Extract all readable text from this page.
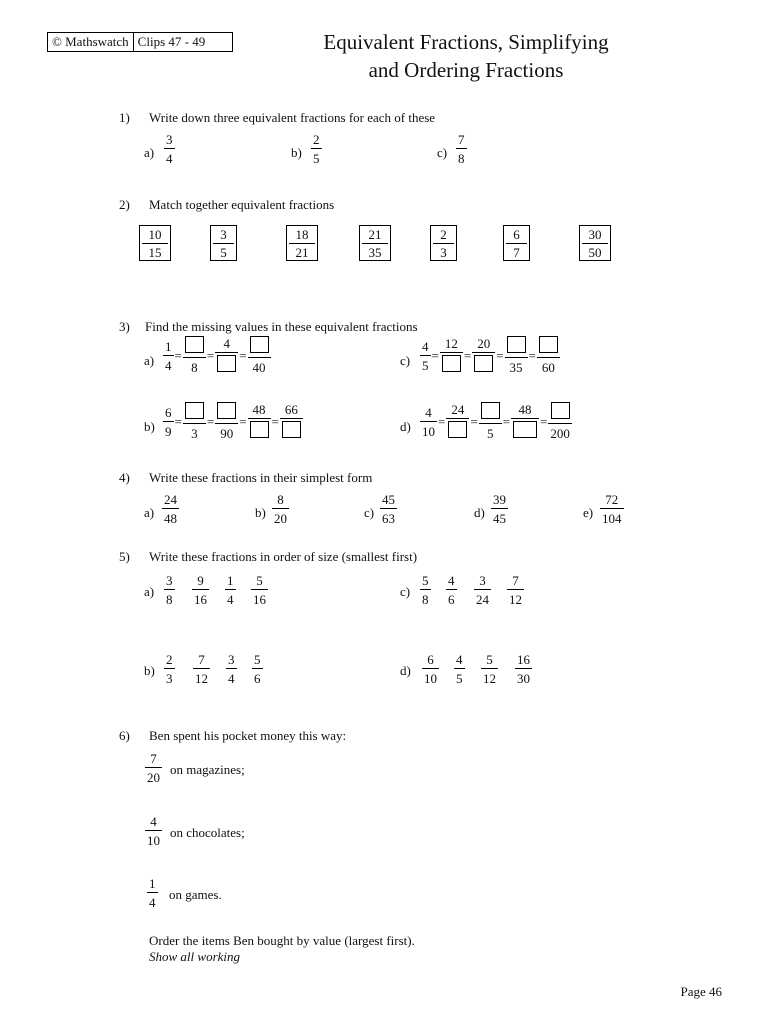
© Mathswatch Clips 47 - 49	Equivalent Fractions, Simplifying
and Ordering Fractions
1) Write down three equivalent fractions for each of these
a)
3
4	b)
2
5	c)
7
8
2) Match together equivalent fractions
10
15
3
5
18
21
21
35
2
3
6
7
30
50
3) Find the missing values in these equivalent fractions
$a) \frac{1}{4}$ =
8
=
4
=
40	$c) \frac{4}{5}$ =
12
=
20
=
35
=
60
$b) \frac{6}{9}$ =
3
=
90
=
48
=
66
$d) \frac{4}{10}$ =
24
=
5
=
48
=
200
4) Write these fractions in their simplest form
a)
24
48	b)
8
20	c)
45
63	d)
39
45	e)
72
104
5) Write these fractions in order of size (smallest first)
a)
3
8
9
16
1
4
5
16
c)
5
8
4
6
3
24
7
12
b)
2
3
7
12
3
4
5
6
d)
6
10
4
5
5
12
16
30
6) Ben spent his pocket money this way:
7
20
on magazines;
4
10
on chocolates;
1
4
on games.
Order the items Ben bought by value (largest first).
Show all working
Page 46
